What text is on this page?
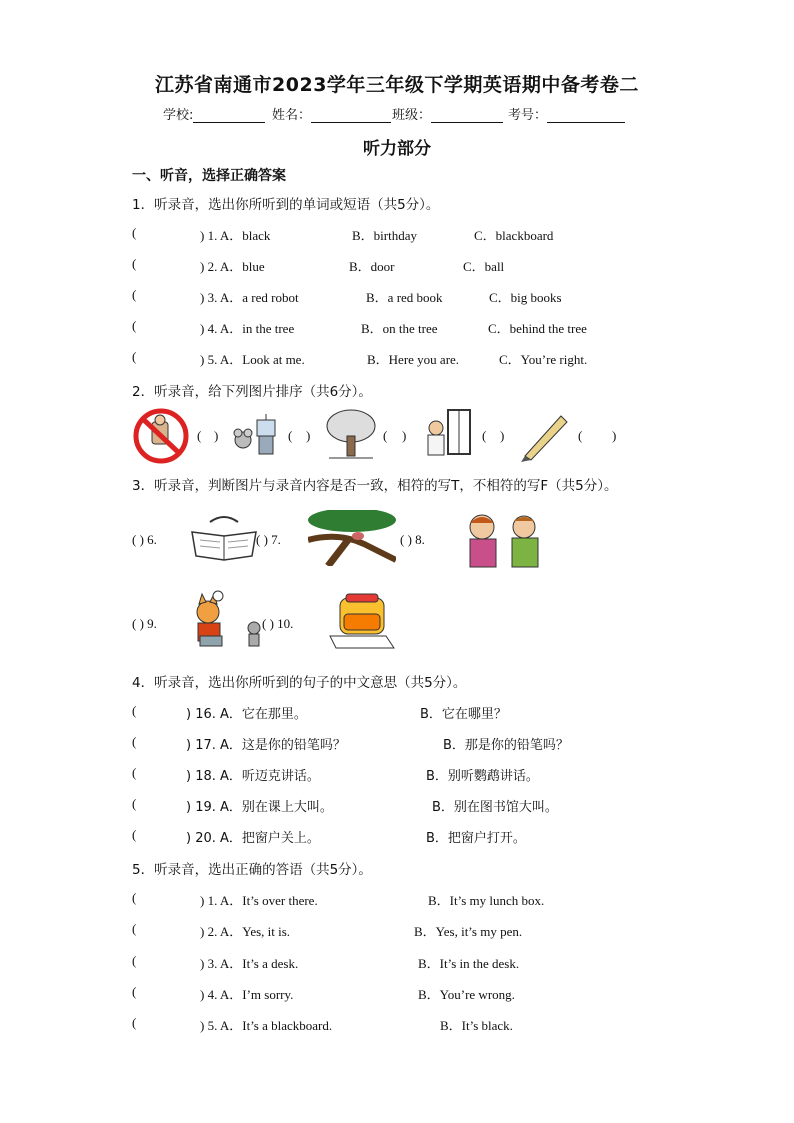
江苏省南通市2023学年三年级下学期英语期中备考卷二
学校:	姓名：	班级：	考号：
听力部分
一、听音，选择正确答案
1．听录音，选出你所听到的单词或短语（共5分）。
(	) 1. A．black	B．birthday	C．blackboard
(	) 2. A．blue	B．door	C．ball
(	) 3. A．a red robot	B．a red book	C．big books
(	) 4. A．in the tree	B．on the tree	C．behind the tree
(	) 5. A．Look at me.	B．Here you are.	C．You’re right.
2．听录音，给下列图片排序（共6分）。
( )	( )	( )	( )	( )
3．听录音，判断图片与录音内容是否一致，相符的写T，不相符的写F（共5分）。
( ) 6.	( ) 7.	( ) 8.
( ) 9.	( ) 10.
4．听录音，选出你所听到的句子的中文意思（共5分）。
(	) 16. A．它在那里。	B．它在哪里？
(	) 17. A．这是你的铅笔吗？	B．那是你的铅笔吗？
(	) 18. A．听迈克讲话。	B．别听鹦鹉讲话。
(	) 19. A．别在课上大叫。	B．别在图书馆大叫。
(	) 20. A．把窗户关上。	B．把窗户打开。
5．听录音，选出正确的答语（共5分）。
(	) 1. A．It’s over there.	B．It’s my lunch box.
(	) 2. A．Yes, it is.	B．Yes, it’s my pen.
(	) 3. A．It’s a desk.	B．It’s in the desk.
(	) 4. A．I’m sorry.	B．You’re wrong.
(	) 5. A．It’s a blackboard.	B．It’s black.
